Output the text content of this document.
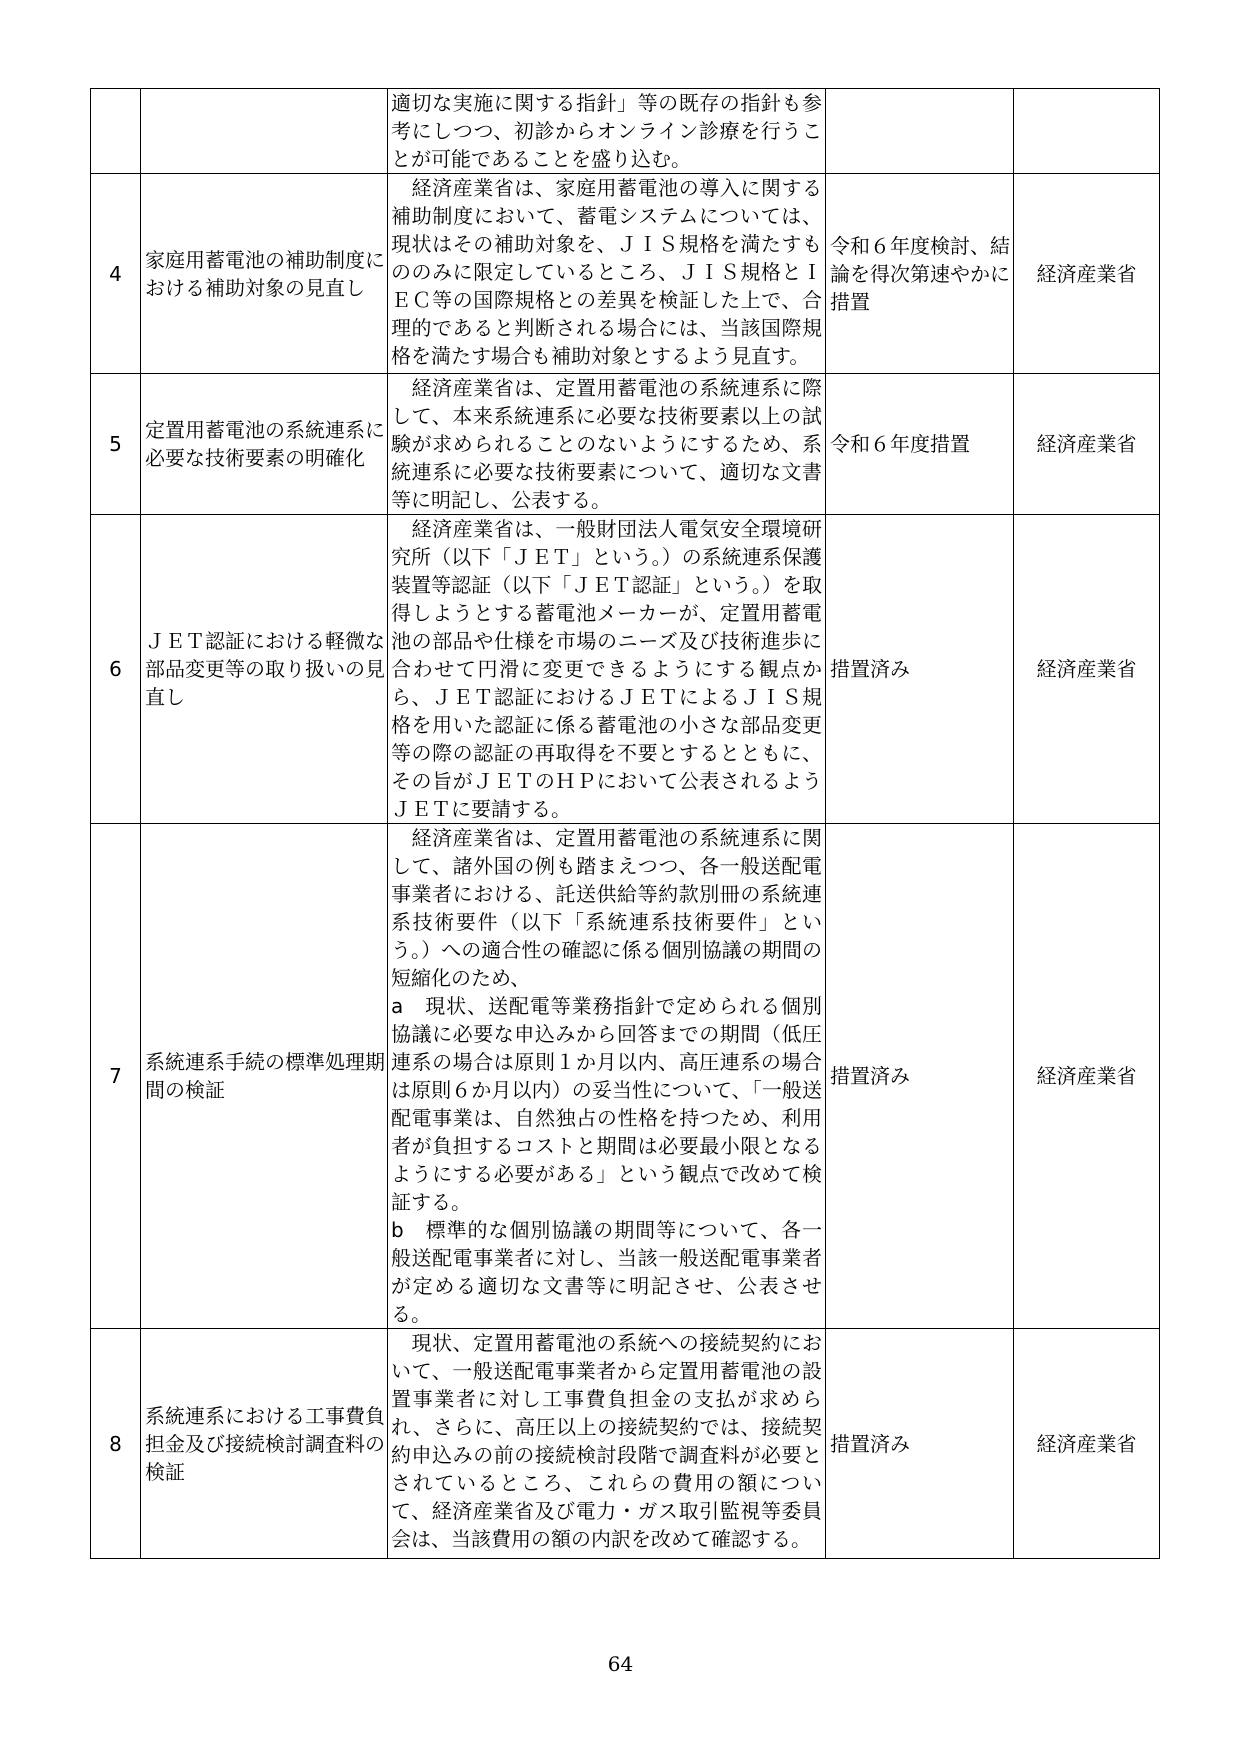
		適切な実施に関する指針」等の既存の指針も参考にしつつ、初診からオンライン診療を行うことが可能であることを盛り込む。		

4	家庭用蓄電池の補助制度における補助対象の見直し	　経済産業省は、家庭用蓄電池の導入に関する補助制度において、蓄電システムについては、現状はその補助対象を、ＪＩＳ規格を満たすもののみに限定しているところ、ＪＩＳ規格とＩＥＣ等の国際規格との差異を検証した上で、合理的であると判断される場合には、当該国際規格を満たす場合も補助対象とするよう見直す。	令和６年度検討、結論を得次第速やかに措置	経済産業省
5	定置用蓄電池の系統連系に必要な技術要素の明確化	　経済産業省は、定置用蓄電池の系統連系に際して、本来系統連系に必要な技術要素以上の試験が求められることのないようにするため、系統連系に必要な技術要素について、適切な文書等に明記し、公表する。	令和６年度措置	経済産業省
6	ＪＥＴ認証における軽微な部品変更等の取り扱いの見直し	　経済産業省は、一般財団法人電気安全環境研究所（以下「ＪＥＴ」という。）の系統連系保護装置等認証（以下「ＪＥＴ認証」という。）を取得しようとする蓄電池メーカーが、定置用蓄電池の部品や仕様を市場のニーズ及び技術進歩に合わせて円滑に変更できるようにする観点から、ＪＥＴ認証におけるＪＥＴによるＪＩＳ規格を用いた認証に係る蓄電池の小さな部品変更等の際の認証の再取得を不要とするとともに、その旨がＪＥＴのＨＰにおいて公表されるようＪＥＴに要請する。	措置済み	経済産業省
7	系統連系手続の標準処理期間の検証	　経済産業省は、定置用蓄電池の系統連系に関して、諸外国の例も踏まえつつ、各一般送配電事業者における、託送供給等約款別冊の系統連系技術要件（以下「系統連系技術要件」という。）への適合性の確認に係る個別協議の期間の短縮化のため、
a　現状、送配電等業務指針で定められる個別協議に必要な申込みから回答までの期間（低圧連系の場合は原則１か月以内、高圧連系の場合は原則６か月以内）の妥当性について、「一般送配電事業は、自然独占の性格を持つため、利用者が負担するコストと期間は必要最小限となるようにする必要がある」という観点で改めて検証する。
b　標準的な個別協議の期間等について、各一般送配電事業者に対し、当該一般送配電事業者が定める適切な文書等に明記させ、公表させる。	措置済み	経済産業省
8	系統連系における工事費負担金及び接続検討調査料の検証	　現状、定置用蓄電池の系統への接続契約において、一般送配電事業者から定置用蓄電池の設置事業者に対し工事費負担金の支払が求められ、さらに、高圧以上の接続契約では、接続契約申込みの前の接続検討段階で調査料が必要とされているところ、これらの費用の額について、経済産業省及び電力・ガス取引監視等委員会は、当該費用の額の内訳を改めて確認する。	措置済み	経済産業省
64
